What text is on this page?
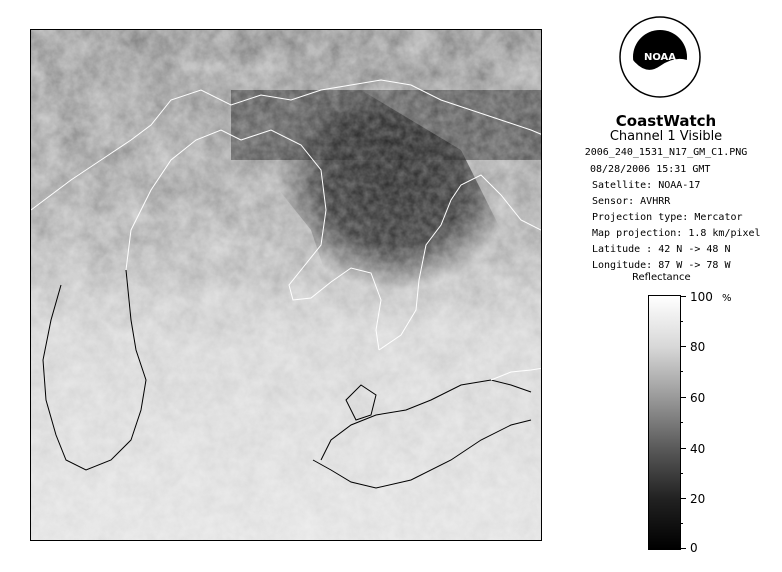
NOAA
CoastWatch
Channel 1 Visible
2006_240_1531_N17_GM_C1.PNG
08/28/2006 15:31 GMT
Satellite: NOAA-17
Sensor: AVHRR
Projection type: Mercator
Map projection: 1.8 km/pixel
Latitude : 42 N -> 48 N
Longitude: 87 W -> 78 W
Reflectance
%
100
80
60
40
20
0
